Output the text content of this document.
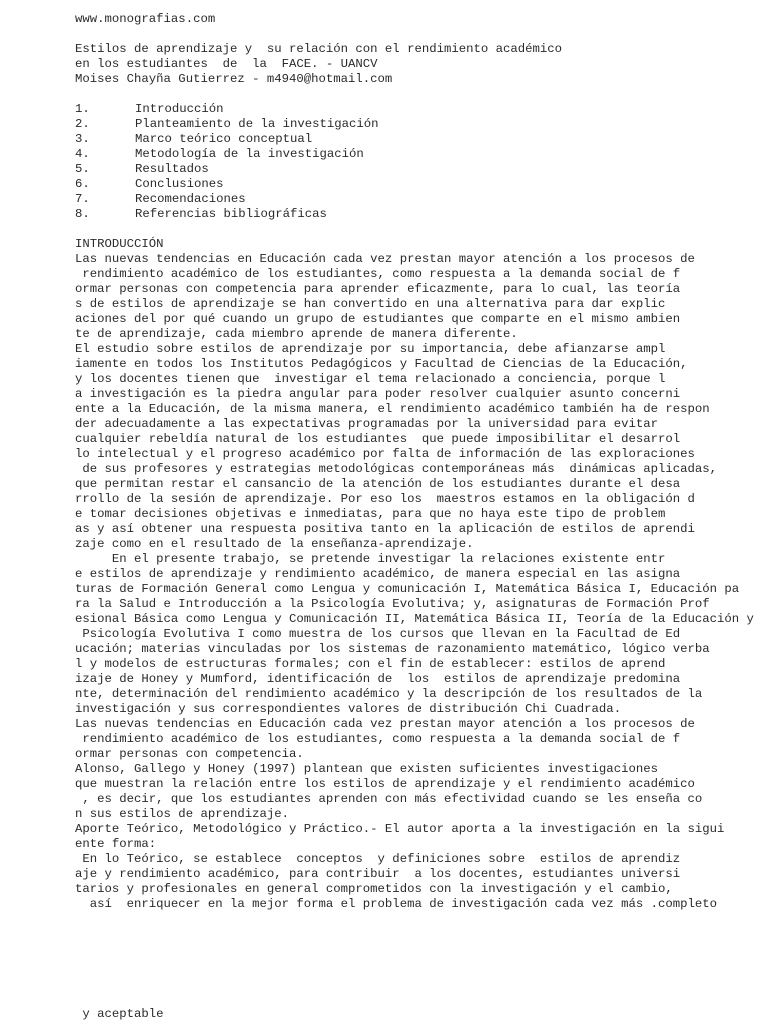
www.monografias.com
Estilos de aprendizaje y  su relación con el rendimiento académico
en los estudiantes  de  la  FACE. - UANCV
Moises Chayña Gutierrez - m4940@hotmail.com
1.	Introducción
2.	Planteamiento de la investigación
3.	Marco teórico conceptual
4.	Metodología de la investigación
5.	Resultados
6.	Conclusiones
7.	Recomendaciones
8.	Referencias bibliográficas
INTRODUCCIÓN
Las nuevas tendencias en Educación cada vez prestan mayor atención a los procesos de
rendimiento académico de los estudiantes, como respuesta a la demanda social de f
ormar personas con competencia para aprender eficazmente, para lo cual, las teoría
s de estilos de aprendizaje se han convertido en una alternativa para dar explic
aciones del por qué cuando un grupo de estudiantes que comparte en el mismo ambien
te de aprendizaje, cada miembro aprende de manera diferente.
El estudio sobre estilos de aprendizaje por su importancia, debe afianzarse ampl
iamente en todos los Institutos Pedagógicos y Facultad de Ciencias de la Educación,
y los docentes tienen que  investigar el tema relacionado a conciencia, porque l
a investigación es la piedra angular para poder resolver cualquier asunto concerni
ente a la Educación, de la misma manera, el rendimiento académico también ha de respon
der adecuadamente a las expectativas programadas por la universidad para evitar
cualquier rebeldía natural de los estudiantes  que puede imposibilitar el desarrol
lo intelectual y el progreso académico por falta de información de las exploraciones
de sus profesores y estrategias metodológicas contemporáneas más  dinámicas aplicadas,
que permitan restar el cansancio de la atención de los estudiantes durante el desa
rrollo de la sesión de aprendizaje. Por eso los  maestros estamos en la obligación d
e tomar decisiones objetivas e inmediatas, para que no haya este tipo de problem
as y así obtener una respuesta positiva tanto en la aplicación de estilos de aprendi
zaje como en el resultado de la enseñanza-aprendizaje.
En el presente trabajo, se pretende investigar la relaciones existente entr
e estilos de aprendizaje y rendimiento académico, de manera especial en las asigna
turas de Formación General como Lengua y comunicación I, Matemática Básica I, Educación pa
ra la Salud e Introducción a la Psicología Evolutiva; y, asignaturas de Formación Prof
esional Básica como Lengua y Comunicación II, Matemática Básica II, Teoría de la Educación y
Psicología Evolutiva I como muestra de los cursos que llevan en la Facultad de Ed
ucación; materias vinculadas por los sistemas de razonamiento matemático, lógico verba
l y modelos de estructuras formales; con el fin de establecer: estilos de aprend
izaje de Honey y Mumford, identificación de  los  estilos de aprendizaje predomina
nte, determinación del rendimiento académico y la descripción de los resultados de la
investigación y sus correspondientes valores de distribución Chi Cuadrada.
Las nuevas tendencias en Educación cada vez prestan mayor atención a los procesos de
rendimiento académico de los estudiantes, como respuesta a la demanda social de f
ormar personas con competencia.
Alonso, Gallego y Honey (1997) plantean que existen suficientes investigaciones
que muestran la relación entre los estilos de aprendizaje y el rendimiento académico
, es decir, que los estudiantes aprenden con más efectividad cuando se les enseña co
n sus estilos de aprendizaje.
Aporte Teórico, Metodológico y Práctico.- El autor aporta a la investigación en la sigui
ente forma:
En lo Teórico, se establece  conceptos  y definiciones sobre  estilos de aprendiz
aje y rendimiento académico, para contribuir  a los docentes, estudiantes universi
tarios y profesionales en general comprometidos con la investigación y el cambio,
así  enriquecer en la mejor forma el problema de investigación cada vez más .completo
y aceptable
